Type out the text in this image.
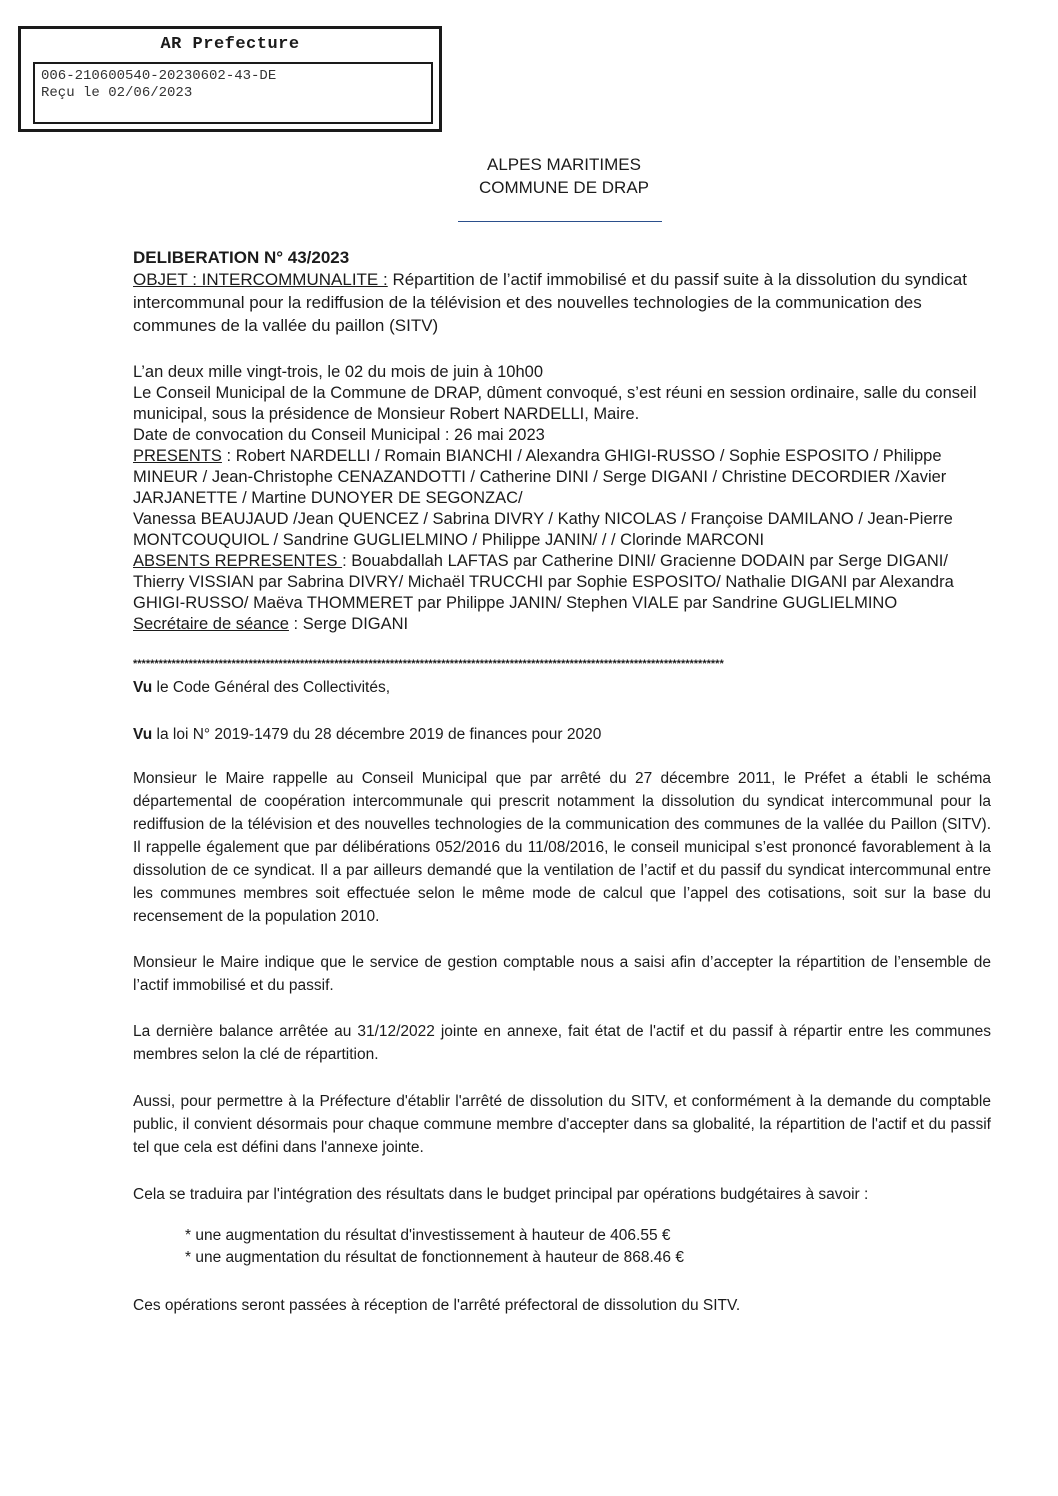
AR Prefecture
006-210600540-20230602-43-DE
Reçu le 02/06/2023
ALPES MARITIMES
COMMUNE DE DRAP
DELIBERATION N° 43/2023

OBJET : INTERCOMMUNALITE : Répartition de l’actif immobilisé et du passif suite à la dissolution du syndicat intercommunal pour la rediffusion de la télévision et des nouvelles technologies de la communication des communes de la vallée du paillon (SITV)

L’an deux mille vingt-trois, le 02 du mois de juin à 10h00

Le Conseil Municipal de la Commune de DRAP, dûment convoqué, s’est réuni en session ordinaire, salle du conseil municipal, sous la présidence de Monsieur Robert NARDELLI, Maire.

Date de convocation du Conseil Municipal : 26 mai 2023

PRESENTS : Robert NARDELLI / Romain BIANCHI / Alexandra GHIGI-RUSSO / Sophie ESPOSITO / Philippe MINEUR / Jean-Christophe CENAZANDOTTI / Catherine DINI / Serge DIGANI / Christine DECORDIER /Xavier JARJANETTE / Martine DUNOYER DE SEGONZAC/

Vanessa BEAUJAUD /Jean QUENCEZ / Sabrina DIVRY / Kathy NICOLAS / Françoise DAMILANO / Jean-Pierre MONTCOUQUIOL / Sandrine GUGLIELMINO / Philippe JANIN/ / / Clorinde MARCONI

ABSENTS REPRESENTES : Bouabdallah LAFTAS par Catherine DINI/ Gracienne DODAIN par Serge DIGANI/ Thierry VISSIAN par Sabrina DIVRY/ Michaël TRUCCHI par Sophie ESPOSITO/ Nathalie DIGANI par Alexandra GHIGI-RUSSO/ Maëva THOMMERET par Philippe JANIN/ Stephen VIALE par Sandrine GUGLIELMINO

Secrétaire de séance : Serge DIGANI

******************************************************************************************************************************************

Vu le Code Général des Collectivités,

Vu la loi N° 2019-1479 du 28 décembre 2019 de finances pour 2020

Monsieur le Maire rappelle au Conseil Municipal que par arrêté du 27 décembre 2011, le Préfet a établi le schéma départemental de coopération intercommunale qui prescrit notamment la dissolution du syndicat intercommunal pour la rediffusion de la télévision et des nouvelles technologies de la communication des communes de la vallée du Paillon (SITV). Il rappelle également que par délibérations 052/2016 du 11/08/2016, le conseil municipal s’est prononcé favorablement à la dissolution de ce syndicat. Il a par ailleurs demandé que la ventilation de l’actif et du passif du syndicat intercommunal entre les communes membres soit effectuée selon le même mode de calcul que l’appel des cotisations, soit sur la base du recensement de la population 2010.

Monsieur le Maire indique que le service de gestion comptable nous a saisi afin d’accepter la répartition de l’ensemble de l’actif immobilisé et du passif.

La dernière balance arrêtée au 31/12/2022 jointe en annexe, fait état de l'actif et du passif à répartir entre les communes membres selon la clé de répartition.

Aussi, pour permettre à la Préfecture d'établir l'arrêté de dissolution du SITV, et conformément à la demande du comptable public, il convient désormais pour chaque commune membre d'accepter dans sa globalité, la répartition de l'actif et du passif tel que cela est défini dans l'annexe jointe.

Cela se traduira par l'intégration des résultats dans le budget principal par opérations budgétaires à savoir :

* une augmentation du résultat d'investissement à hauteur de 406.55 €
* une augmentation du résultat de fonctionnement à hauteur de 868.46 €

Ces opérations seront passées à réception de l'arrêté préfectoral de dissolution du SITV.
